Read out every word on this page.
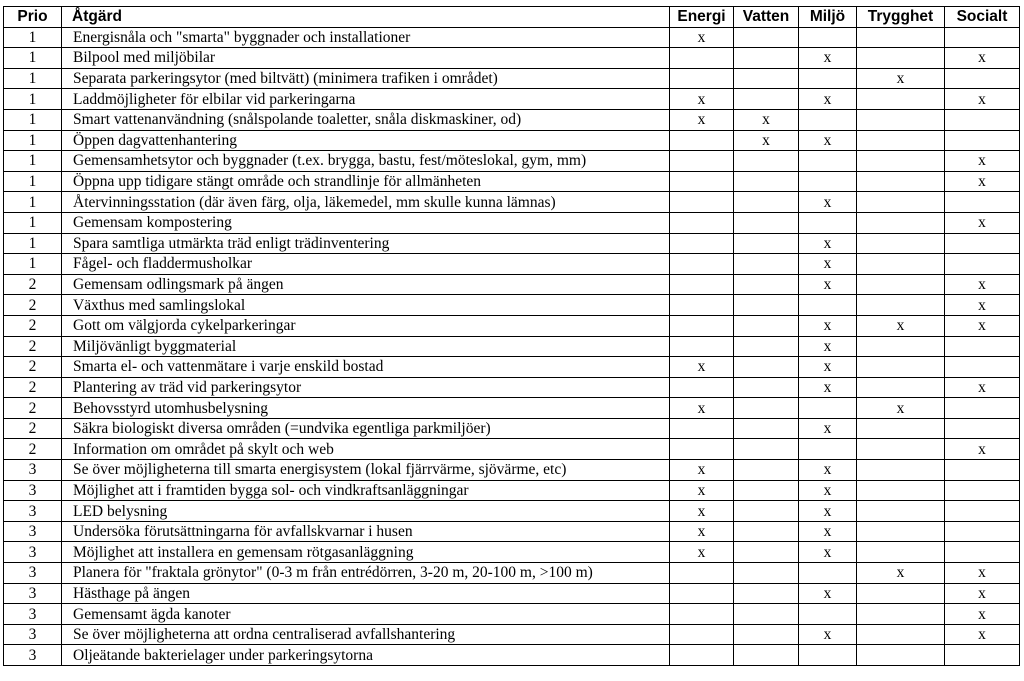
Prio	Åtgärd	Energi	Vatten	Miljö	Trygghet	Socialt
1	Energisnåla och "smarta" byggnader och installationer	x				
1	Bilpool med miljöbilar			x		x
1	Separata parkeringsytor (med biltvätt) (minimera trafiken i området)				x	
1	Laddmöjligheter för elbilar vid parkeringarna	x		x		x
1	Smart vattenanvändning (snålspolande toaletter, snåla diskmaskiner, od)	x	x			
1	Öppen dagvattenhantering		x	x		
1	Gemensamhetsytor och byggnader (t.ex. brygga, bastu, fest/möteslokal, gym, mm)					x
1	Öppna upp tidigare stängt område och strandlinje för allmänheten					x
1	Återvinningsstation (där även färg, olja, läkemedel, mm skulle kunna lämnas)			x		
1	Gemensam kompostering					x
1	Spara samtliga utmärkta träd enligt trädinventering			x		
1	Fågel- och fladdermusholkar			x		
2	Gemensam odlingsmark på ängen			x		x
2	Växthus med samlingslokal					x
2	Gott om välgjorda cykelparkeringar			x	x	x
2	Miljövänligt byggmaterial			x		
2	Smarta el- och vattenmätare i varje enskild bostad	x		x		
2	Plantering av träd vid parkeringsytor			x		x
2	Behovsstyrd utomhusbelysning	x			x	
2	Säkra biologiskt diversa områden (=undvika egentliga parkmiljöer)			x		
2	Information om området på skylt och web					x
3	Se över möjligheterna till smarta energisystem (lokal fjärrvärme, sjövärme, etc)	x		x		
3	Möjlighet att i framtiden bygga sol- och vindkraftsanläggningar	x		x		
3	LED belysning	x		x		
3	Undersöka förutsättningarna för avfallskvarnar i husen	x		x		
3	Möjlighet att installera en gemensam rötgasanläggning	x		x		
3	Planera för "fraktala grönytor" (0-3 m från entrédörren, 3-20 m, 20-100 m, >100 m)				x	x
3	Hästhage på ängen			x		x
3	Gemensamt ägda kanoter					x
3	Se över möjligheterna att ordna centraliserad avfallshantering			x		x
3	Oljeätande bakterielager under parkeringsytorna					
